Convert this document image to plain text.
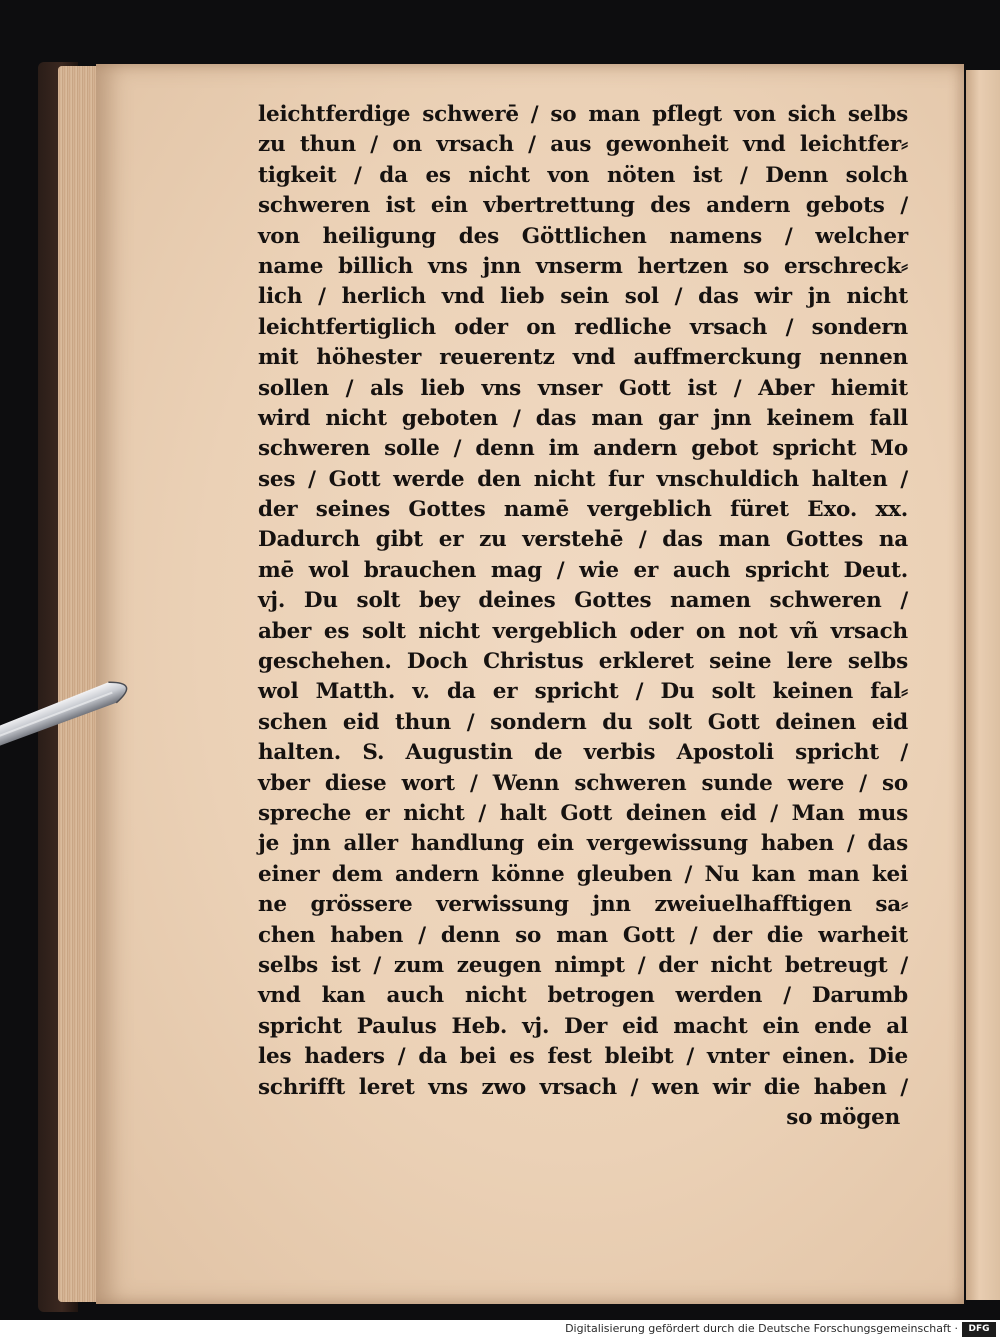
leichtferdige schwerē / so man pflegt von sich selbs
zu thun / on vrsach / aus gewonheit vnd leichtfer⸗
tigkeit / da es nicht von nöten ist / Denn solch
schweren ist ein vbertrettung des andern gebots /
von heiligung des Göttlichen namens / welcher
name billich vns jnn vnserm hertzen so erschreck⸗
lich / herlich vnd lieb sein sol / das wir jn nicht
leichtfertiglich oder on redliche vrsach / sondern
mit höhester reuerentz vnd auffmerckung nennen
sollen / als lieb vns vnser Gott ist / Aber hiemit
wird nicht geboten / das man gar jnn keinem fall
schweren solle / denn im andern gebot spricht Mo
ses / Gott werde den nicht fur vnschuldich halten /
der seines Gottes namē vergeblich füret Exo. xx.
Dadurch gibt er zu verstehē / das man Gottes na
mē wol brauchen mag / wie er auch spricht Deut.
vj. Du solt bey deines Gottes namen schweren /
aber es solt nicht vergeblich oder on not vñ vrsach
geschehen. Doch Christus erkleret seine lere selbs
wol Matth. v. da er spricht / Du solt keinen fal⸗
schen eid thun / sondern du solt Gott deinen eid
halten. S. Augustin de verbis Apostoli spricht /
vber diese wort / Wenn schweren sunde were / so
spreche er nicht / halt Gott deinen eid / Man mus
je jnn aller handlung ein vergewissung haben / das
einer dem andern könne gleuben / Nu kan man kei
ne grössere verwissung jnn zweiuelhafftigen sa⸗
chen haben / denn so man Gott / der die warheit
selbs ist / zum zeugen nimpt / der nicht betreugt /
vnd kan auch nicht betrogen werden / Darumb
spricht Paulus Heb. vj. Der eid macht ein ende al
les haders / da bei es fest bleibt / vnter einen. Die
schrifft leret vns zwo vrsach / wen wir die haben /
so mögen
Digitalisierung gefördert durch die Deutsche Forschungsgemeinschaft ·	DFG
